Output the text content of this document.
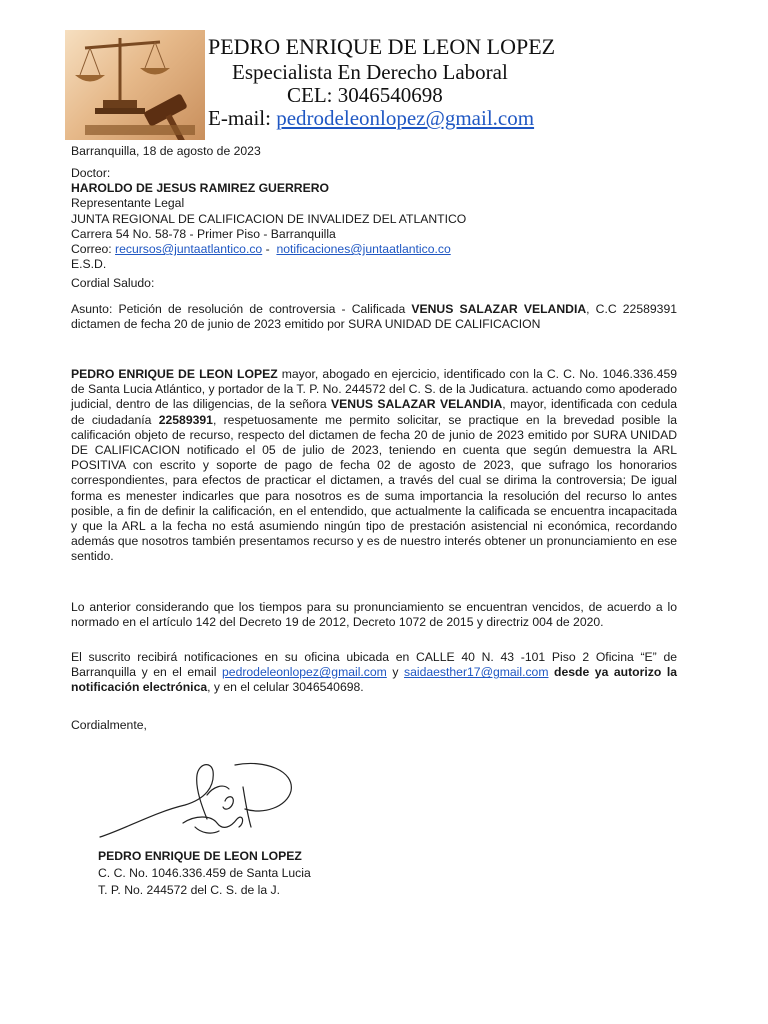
PEDRO ENRIQUE DE LEON LOPEZ
Especialista En Derecho Laboral
CEL: 3046540698
E-mail: pedrodeleonlopez@gmail.com
Barranquilla, 18 de agosto de 2023
Doctor:
HAROLDO DE JESUS RAMIREZ GUERRERO
Representante Legal
JUNTA REGIONAL DE CALIFICACION DE INVALIDEZ DEL ATLANTICO
Carrera 54 No. 58-78 - Primer Piso - Barranquilla
Correo: recursos@juntaatlantico.co -  notificaciones@juntaatlantico.co
E.S.D.
Cordial Saludo:
Asunto: Petición de resolución de controversia - Calificada VENUS SALAZAR VELANDIA, C.C 22589391 dictamen de fecha 20 de junio de 2023 emitido por SURA UNIDAD DE CALIFICACION
PEDRO ENRIQUE DE LEON LOPEZ mayor, abogado en ejercicio, identificado con la C. C. No. 1046.336.459 de Santa Lucia Atlántico, y portador de la T. P. No. 244572 del C. S. de la Judicatura. actuando como apoderado judicial, dentro de las diligencias, de la señora VENUS SALAZAR VELANDIA, mayor, identificada con cedula de ciudadanía 22589391, respetuosamente me permito solicitar, se practique en la brevedad posible la calificación objeto de recurso, respecto del dictamen de fecha 20 de junio de 2023 emitido por SURA UNIDAD DE CALIFICACION notificado el 05 de julio de 2023, teniendo en cuenta que según demuestra la ARL POSITIVA con escrito y soporte de pago de fecha 02 de agosto de 2023, que sufrago los honorarios correspondientes, para efectos de practicar el dictamen, a través del cual se dirima la controversia; De igual forma es menester indicarles que para nosotros es de suma importancia la resolución del recurso lo antes posible, a fin de definir la calificación, en el entendido, que actualmente la calificada se encuentra incapacitada y que la ARL a la fecha no está asumiendo ningún tipo de prestación asistencial ni económica, recordando además que nosotros también presentamos recurso y es de nuestro interés obtener un pronunciamiento en ese sentido.
Lo anterior considerando que los tiempos para su pronunciamiento se encuentran vencidos, de acuerdo a lo normado en el artículo 142 del Decreto 19 de 2012, Decreto 1072 de 2015 y directriz 004 de 2020.
El suscrito recibirá notificaciones en su oficina ubicada en CALLE 40 N. 43 -101 Piso 2 Oficina “E” de Barranquilla y en el email pedrodeleonlopez@gmail.com y saidaesther17@gmail.com desde ya autorizo la notificación electrónica, y en el celular 3046540698.
Cordialmente,
PEDRO ENRIQUE DE LEON LOPEZ
C. C. No. 1046.336.459 de Santa Lucia
T. P. No. 244572 del C. S. de la J.
